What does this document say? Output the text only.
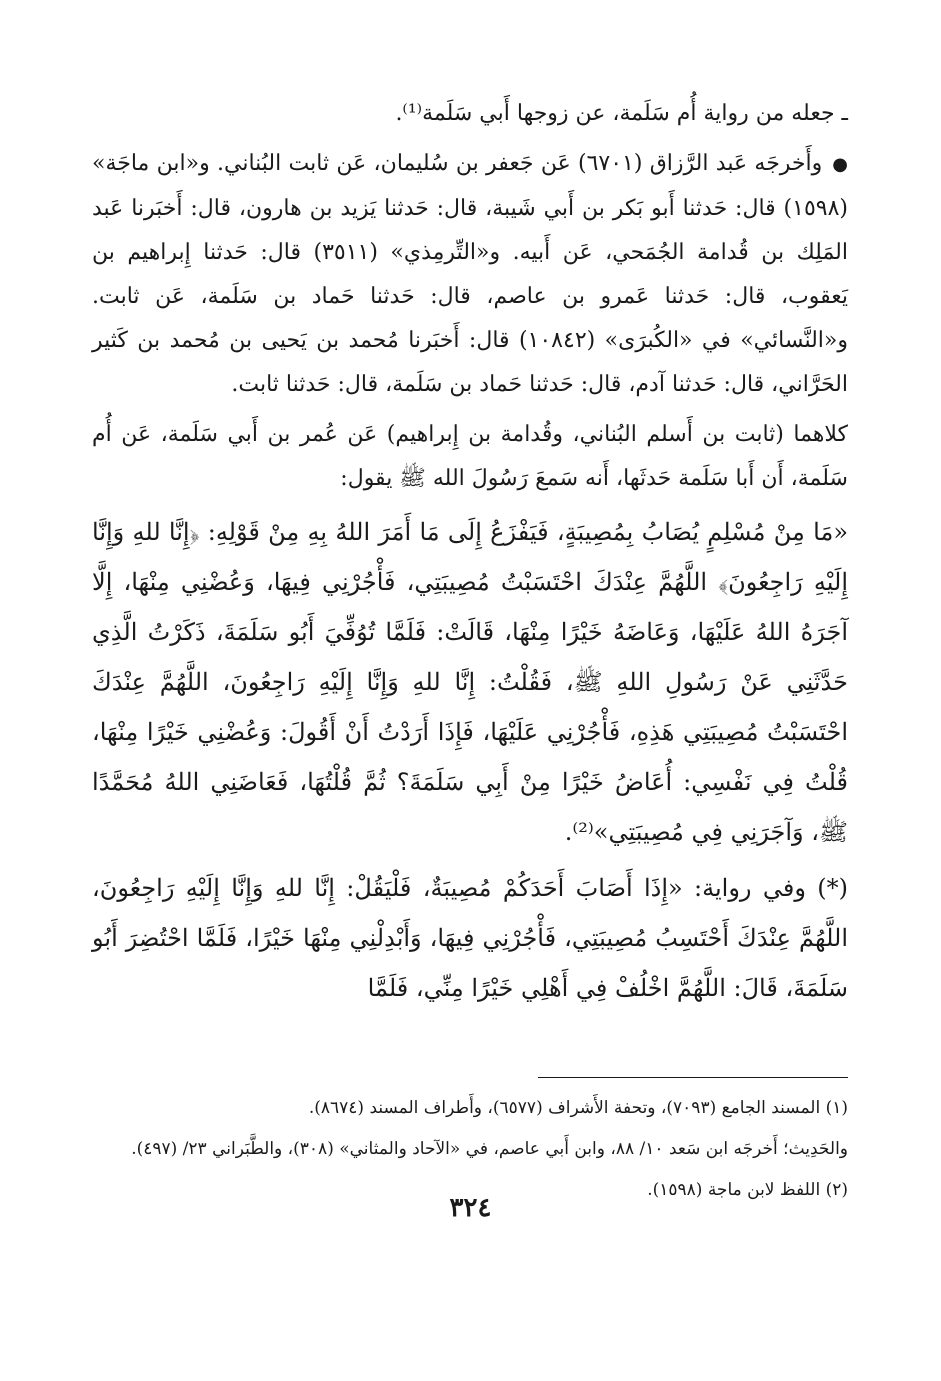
ـ جعله من رواية أُم سَلَمة، عن زوجها أَبي سَلَمة⁽¹⁾.

●وأَخرجَه عَبد الرَّزاق (٦٧٠١) عَن جَعفر بن سُليمان، عَن ثابت البُناني. و«ابن ماجَة» (١٥٩٨) قال: حَدثنا أَبو بَكر بن أَبي شَيبة، قال: حَدثنا يَزيد بن هارون، قال: أَخبَرنا عَبد المَلِك بن قُدامة الجُمَحي، عَن أَبيه. و«التِّرمِذي» (٣٥١١) قال: حَدثنا إِبراهيم بن يَعقوب، قال: حَدثنا عَمرو بن عاصم، قال: حَدثنا حَماد بن سَلَمة، عَن ثابت. و«النَّسائي» في «الكُبرَى» (١٠٨٤٢) قال: أَخبَرنا مُحمد بن يَحيى بن مُحمد بن كَثير الحَرَّاني، قال: حَدثنا آدم، قال: حَدثنا حَماد بن سَلَمة، قال: حَدثنا ثابت.

كلاهما (ثابت بن أَسلم البُناني، وقُدامة بن إِبراهيم) عَن عُمر بن أَبي سَلَمة، عَن أُم سَلَمة، أَن أَبا سَلَمة حَدثَها، أَنه سَمعَ رَسُولَ الله ﷺ يقول:

«مَا مِنْ مُسْلِمٍ يُصَابُ بِمُصِيبَةٍ، فَيَفْزَعُ إِلَى مَا أَمَرَ اللهُ بِهِ مِنْ قَوْلِهِ: ﴿إِنَّا للهِ وَإِنَّا إِلَيْهِ رَاجِعُونَ﴾ اللَّهُمَّ عِنْدَكَ احْتَسَبْتُ مُصِيبَتِي، فَأْجُرْنِي فِيهَا، وَعُضْنِي مِنْهَا، إِلَّا آجَرَهُ اللهُ عَلَيْهَا، وَعَاضَهُ خَيْرًا مِنْهَا، قَالَتْ: فَلَمَّا تُوُفِّيَ أَبُو سَلَمَةَ، ذَكَرْتُ الَّذِي حَدَّثَنِي عَنْ رَسُولِ اللهِ ﷺ، فَقُلْتُ: إِنَّا للهِ وَإِنَّا إِلَيْهِ رَاجِعُونَ، اللَّهُمَّ عِنْدَكَ احْتَسَبْتُ مُصِيبَتِي هَذِهِ، فَأْجُرْنِي عَلَيْهَا، فَإِذَا أَرَدْتُ أَنْ أَقُولَ: وَعُضْنِي خَيْرًا مِنْهَا، قُلْتُ فِي نَفْسِي: أُعَاضُ خَيْرًا مِنْ أَبِي سَلَمَةَ؟ ثُمَّ قُلْتُهَا، فَعَاضَنِي اللهُ مُحَمَّدًا ﷺ، وَآجَرَنِي فِي مُصِيبَتِي»⁽²⁾.

(*) وفي رواية: «إِذَا أَصَابَ أَحَدَكُمْ مُصِيبَةٌ، فَلْيَقُلْ: إِنَّا للهِ وَإِنَّا إِلَيْهِ رَاجِعُونَ، اللَّهُمَّ عِنْدَكَ أَحْتَسِبُ مُصِيبَتِي، فَأْجُرْنِي فِيهَا، وَأَبْدِلْنِي مِنْهَا خَيْرًا، فَلَمَّا احْتُضِرَ أَبُو سَلَمَةَ، قَالَ: اللَّهُمَّ اخْلُفْ فِي أَهْلِي خَيْرًا مِنِّي، فَلَمَّا

(١) المسند الجامع (٧٠٩٣)، وتحفة الأَشراف (٦٥٧٧)، وأَطراف المسند (٨٦٧٤).

والحَدِيث؛ أَخرجَه ابن سَعد ١٠/ ٨٨، وابن أَبي عاصم، في «الآحاد والمثاني» (٣٠٨)، والطَّبَراني ٢٣/ (٤٩٧).

(٢) اللفظ لابن ماجة (١٥٩٨).

٣٢٤
